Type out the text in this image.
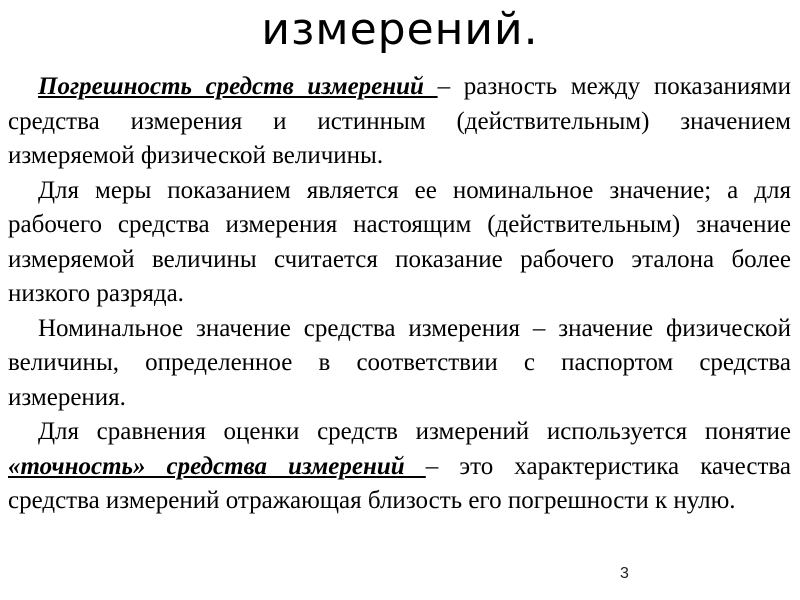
измерений.

Погрешность средств измерений – разность между показаниями средства измерения и истинным (действительным) значением измеряемой физической величины.

Для меры показанием является ее номинальное значение; а для рабочего средства измерения настоящим (действительным) значение измеряемой величины считается показание рабочего эталона более низкого разряда.

Номинальное значение средства измерения – значение физической величины, определенное в соответствии с паспортом средства измерения.

Для сравнения оценки средств измерений используется понятие «точность» средства измерений – это характеристика качества средства измерений отражающая близость его погрешности к нулю.

3
